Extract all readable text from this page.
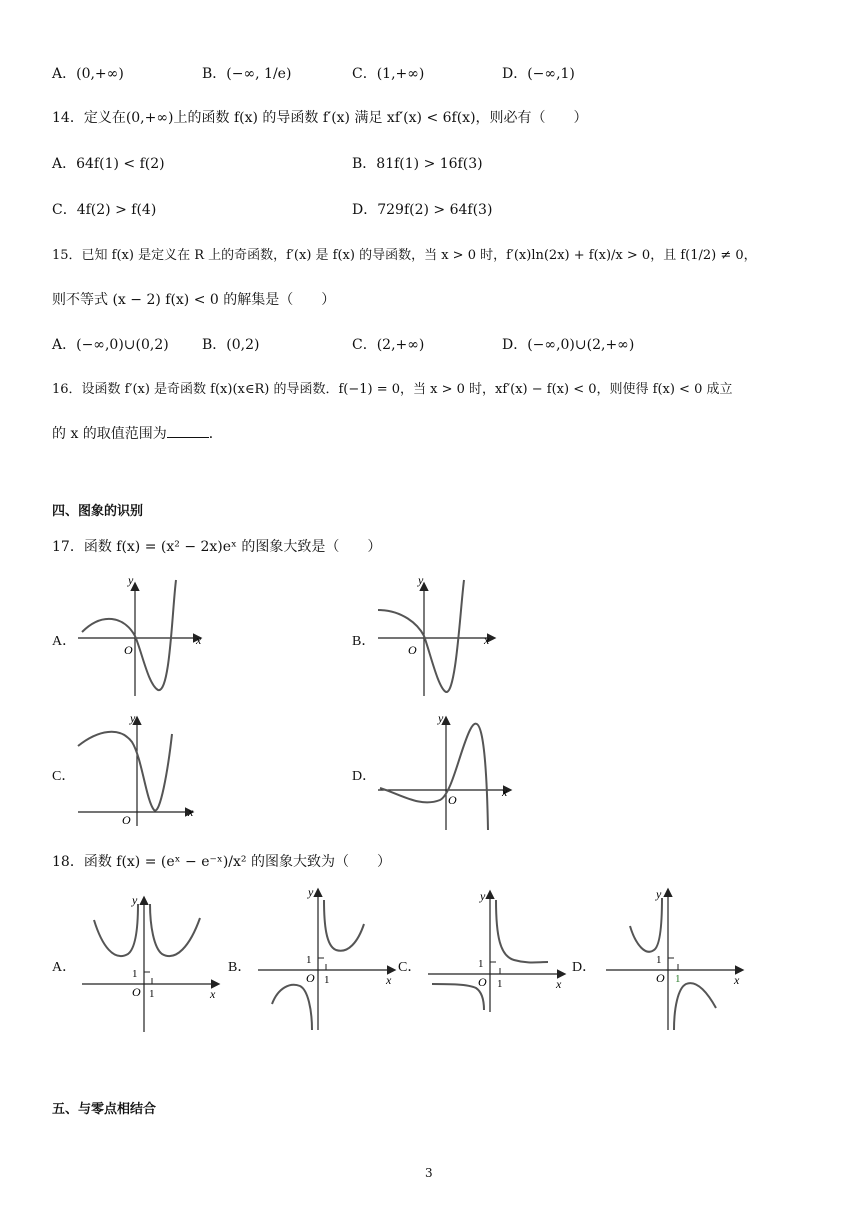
A．(0,+∞)	B．(−∞, 1/e)	C．(1,+∞)	D．(−∞,1)
14．定义在(0,+∞)上的函数 f(x) 的导函数 f′(x) 满足 xf′(x) < 6f(x)，则必有（　　）
A．64f(1) < f(2)	B．81f(1) > 16f(3)
C．4f(2) > f(4)	D．729f(2) > 64f(3)
15．已知 f(x) 是定义在 R 上的奇函数，f′(x) 是 f(x) 的导函数，当 x > 0 时，f′(x)ln(2x) + f(x)/x > 0，且 f(1/2) ≠ 0，
则不等式 (x − 2) f(x) < 0 的解集是（　　）
A．(−∞,0)∪(0,2) B．(0,2)	C．(2,+∞)	D．(−∞,0)∪(2,+∞)
16．设函数 f′(x) 是奇函数 f(x)(x∈R) 的导函数．f(−1) = 0，当 x > 0 时，xf′(x) − f(x) < 0，则使得 f(x) < 0 成立
的 x 的取值范围为	．
四、图象的识别
17．函数 f(x) = (x² − 2x)eˣ 的图象大致是（　　）
A．	B．
C．	D．
y
x
O
y
x
O
y
x
O
y
x
O
18．函数 f(x) = (eˣ − e⁻ˣ)/x² 的图象大致为（　　）
A．	B．	C．	D．
y
x
O
1
1
y
x
O
1
1
y
x
O
1
1
y
x
O
1
1
五、与零点相结合
3
